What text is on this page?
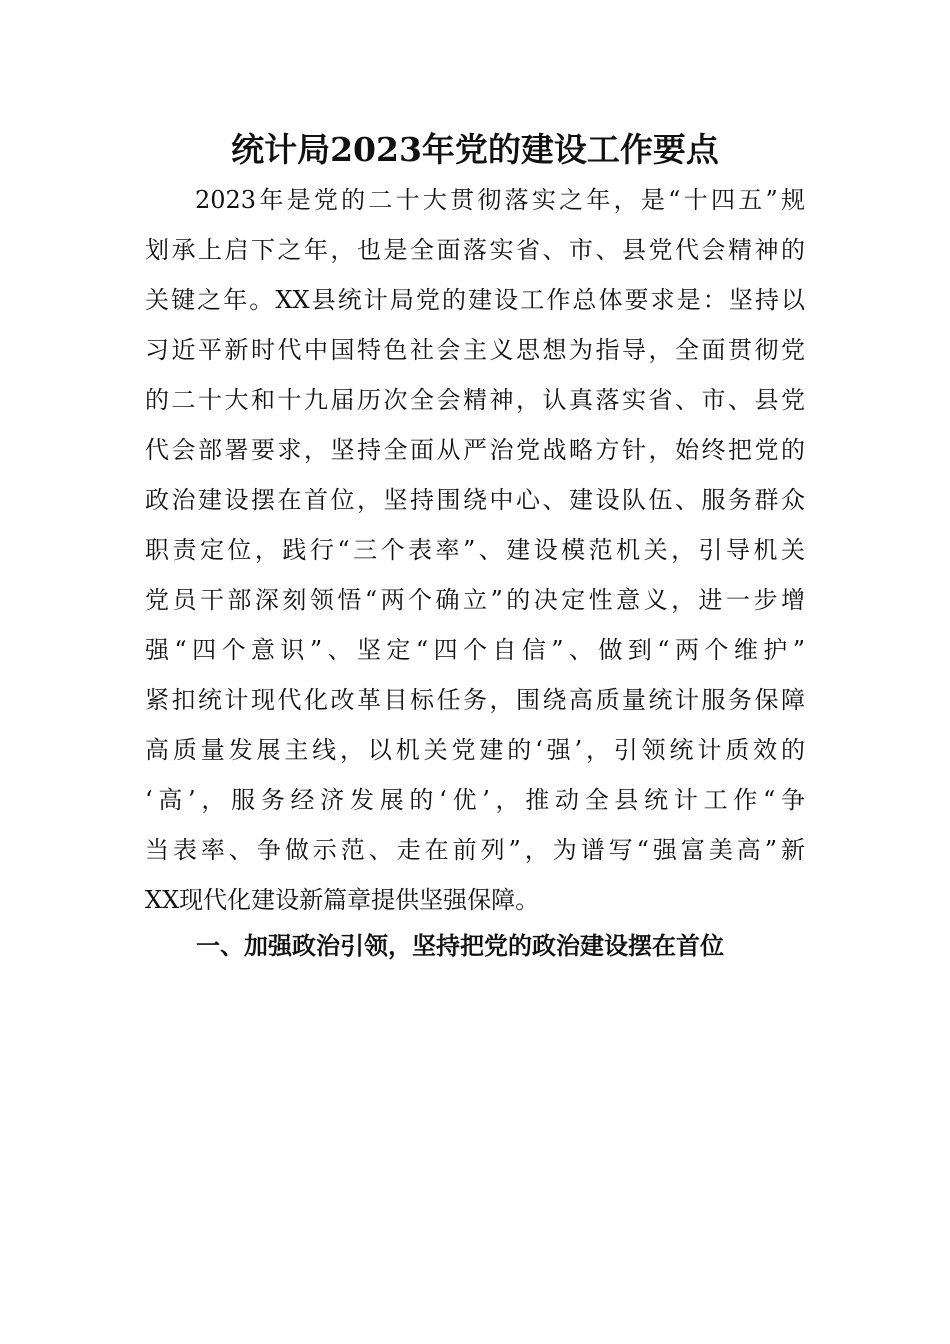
统计局2023年党的建设工作要点
2023年是党的二十大贯彻落实之年，是“十四五”规
划承上启下之年，也是全面落实省、市、县党代会精神的
关键之年。XX县统计局党的建设工作总体要求是：坚持以
习近平新时代中国特色社会主义思想为指导，全面贯彻党
的二十大和十九届历次全会精神，认真落实省、市、县党
代会部署要求，坚持全面从严治党战略方针，始终把党的
政治建设摆在首位，坚持围绕中心、建设队伍、服务群众
职责定位，践行“三个表率”、建设模范机关，引导机关
党员干部深刻领悟“两个确立”的决定性意义，进一步增
强“四个意识”、坚定“四个自信”、做到“两个维护”
紧扣统计现代化改革目标任务，围绕高质量统计服务保障
高质量发展主线，以机关党建的‘强’，引领统计质效的
‘高’，服务经济发展的‘优’，推动全县统计工作“争
当表率、争做示范、走在前列”，为谱写“强富美高”新
XX现代化建设新篇章提供坚强保障。
一、加强政治引领，坚持把党的政治建设摆在首位
